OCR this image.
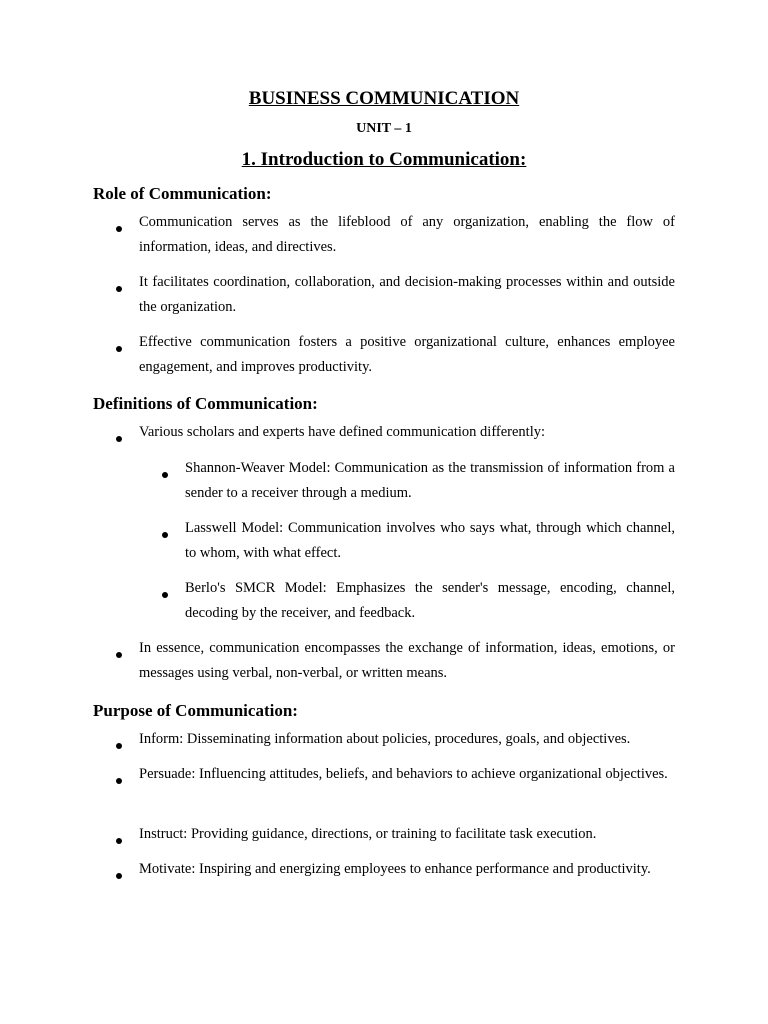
BUSINESS COMMUNICATION
UNIT – 1
1. Introduction to Communication:
Role of Communication:

Communication serves as the lifeblood of any organization, enabling the flow of information, ideas, and directives.

It facilitates coordination, collaboration, and decision-making processes within and outside the organization.

Effective communication fosters a positive organizational culture, enhances employee engagement, and improves productivity.

Definitions of Communication:

Various scholars and experts have defined communication differently:

Shannon-Weaver Model: Communication as the transmission of information from a sender to a receiver through a medium.

Lasswell Model: Communication involves who says what, through which channel, to whom, with what effect.

Berlo's SMCR Model: Emphasizes the sender's message, encoding, channel, decoding by the receiver, and feedback.

In essence, communication encompasses the exchange of information, ideas, emotions, or messages using verbal, non-verbal, or written means.

Purpose of Communication:

Inform: Disseminating information about policies, procedures, goals, and objectives.

Persuade: Influencing attitudes, beliefs, and behaviors to achieve organizational objectives.

Instruct: Providing guidance, directions, or training to facilitate task execution.

Motivate: Inspiring and energizing employees to enhance performance and productivity.
